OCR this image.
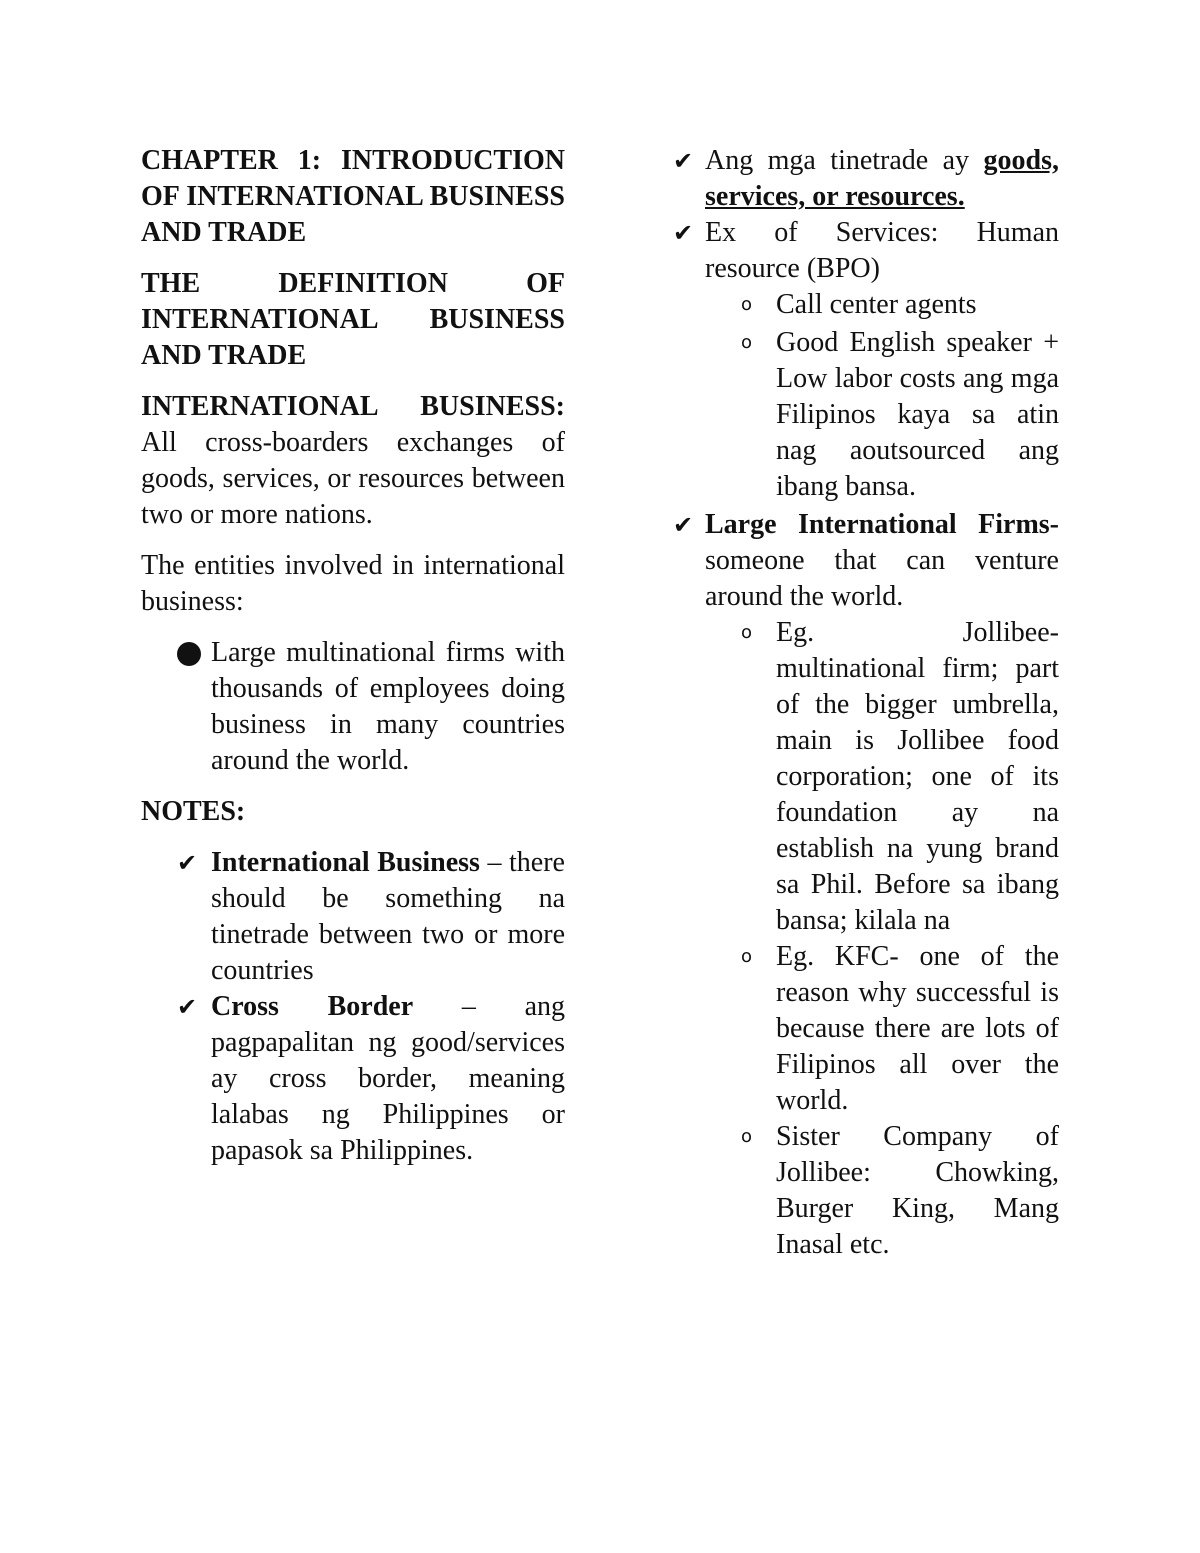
CHAPTER 1: INTRODUCTION OF INTERNATIONAL BUSINESS AND TRADE

THE DEFINITION OF INTERNATIONAL BUSINESS AND TRADE

INTERNATIONAL BUSINESS: All cross-boarders exchanges of goods, services, or resources between two or more nations.

The entities involved in international business:

Large multinational firms with thousands of employees doing business in many countries around the world.

NOTES:

✔ International Business – there should be something na tinetrade between two or more countries
✔ Cross Border – ang pagpapalitan ng good/services ay cross border, meaning lalabas ng Philippines or papasok sa Philippines.
✔ Ang mga tinetrade ay goods, services, or resources.
✔ Ex of Services: Human resource (BPO)
o Call center agents
o Good English speaker + Low labor costs ang mga Filipinos kaya sa atin nag aoutsourced ang ibang bansa.
✔ Large International Firms- someone that can venture around the world.
o Eg. Jollibee- multinational firm; part of the bigger umbrella, main is Jollibee food corporation; one of its foundation ay na establish na yung brand sa Phil. Before sa ibang bansa; kilala na
o Eg. KFC- one of the reason why successful is because there are lots of Filipinos all over the world.
o Sister Company of Jollibee: Chowking, Burger King, Mang Inasal etc.
